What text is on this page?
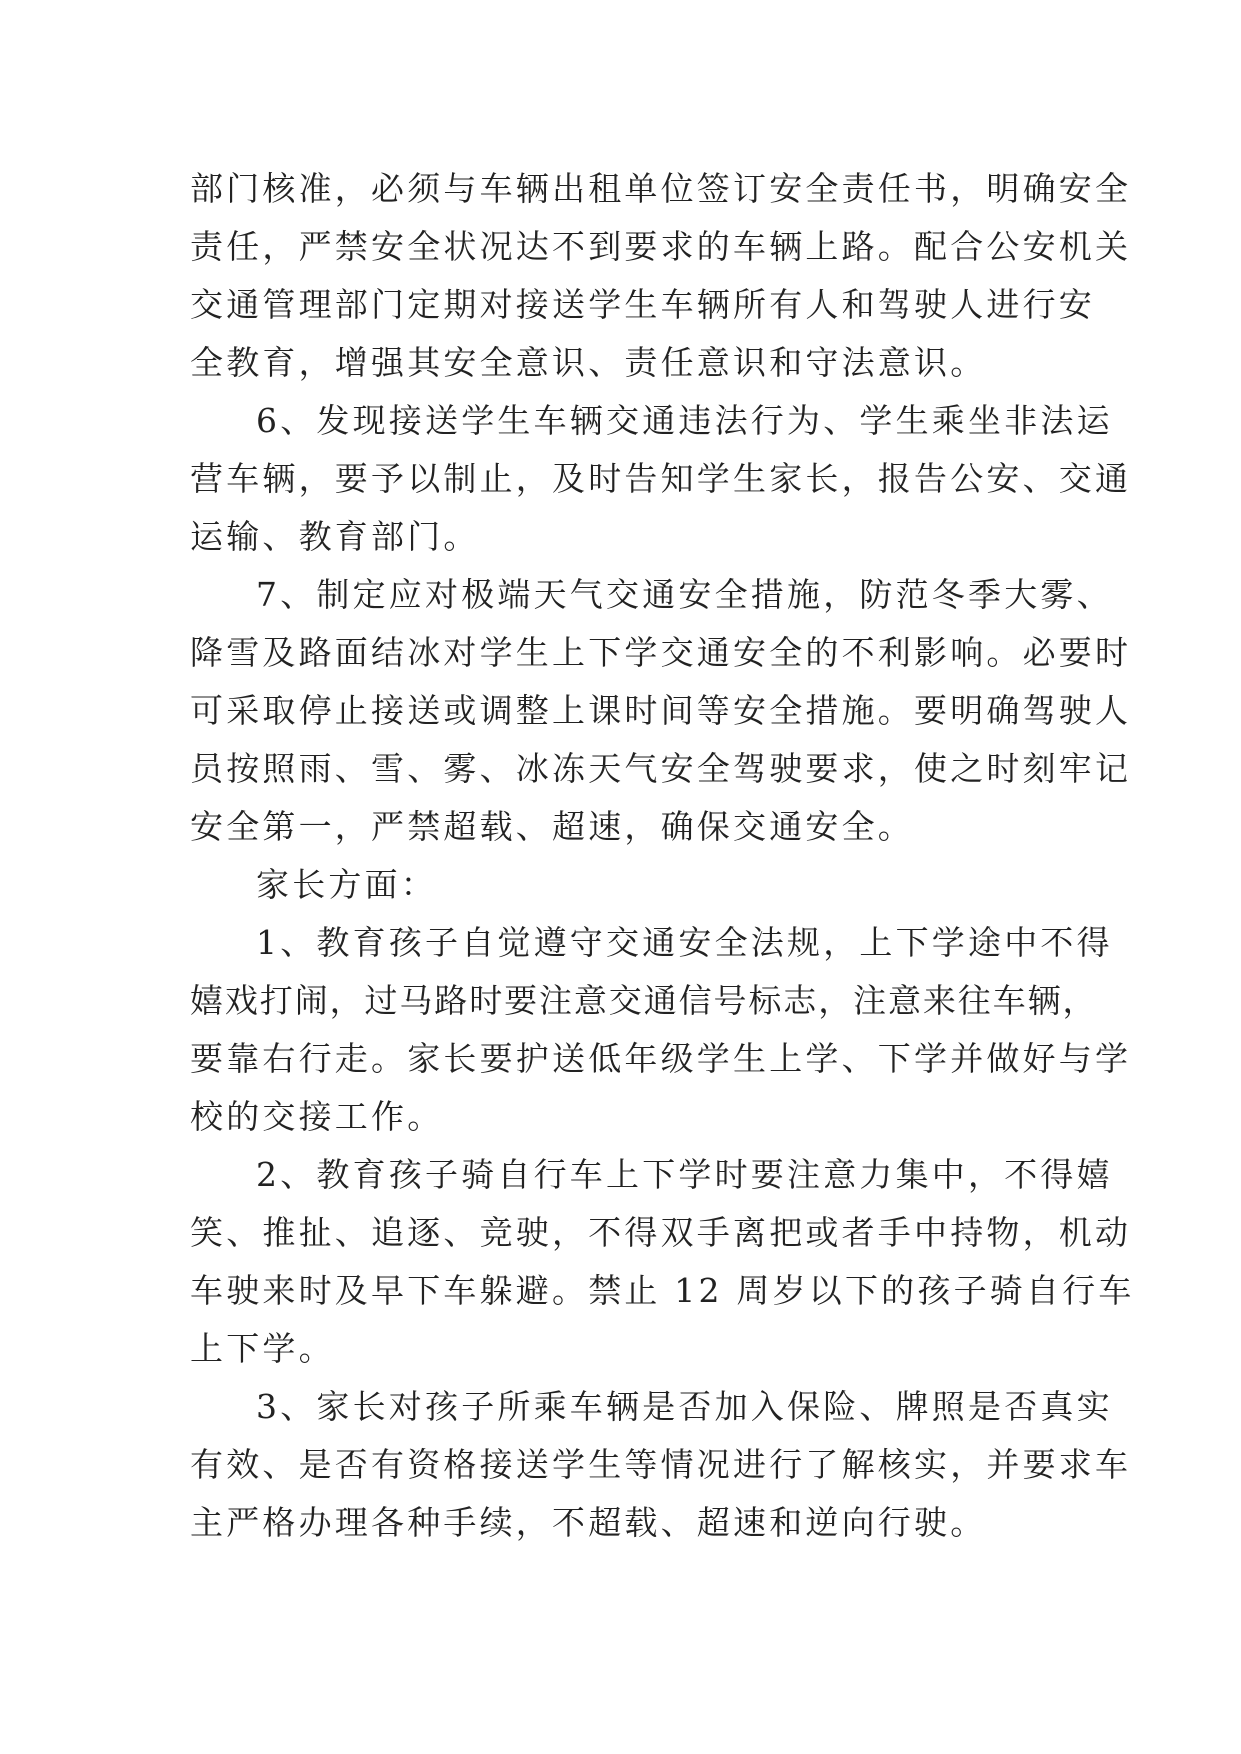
部门核准，必须与车辆出租单位签订安全责任书，明确安全
责任，严禁安全状况达不到要求的车辆上路。配合公安机关
交通管理部门定期对接送学生车辆所有人和驾驶人进行安
全教育，增强其安全意识、责任意识和守法意识。
6、发现接送学生车辆交通违法行为、学生乘坐非法运
营车辆，要予以制止，及时告知学生家长，报告公安、交通
运输、教育部门。
7、制定应对极端天气交通安全措施，防范冬季大雾、
降雪及路面结冰对学生上下学交通安全的不利影响。必要时
可采取停止接送或调整上课时间等安全措施。要明确驾驶人
员按照雨、雪、雾、冰冻天气安全驾驶要求，使之时刻牢记
安全第一，严禁超载、超速，确保交通安全。
家长方面：
1、教育孩子自觉遵守交通安全法规，上下学途中不得
嬉戏打闹，过马路时要注意交通信号标志，注意来往车辆，
要靠右行走。家长要护送低年级学生上学、下学并做好与学
校的交接工作。
2、教育孩子骑自行车上下学时要注意力集中，不得嬉
笑、推扯、追逐、竞驶，不得双手离把或者手中持物，机动
车驶来时及早下车躲避。禁止 12 周岁以下的孩子骑自行车
上下学。
3、家长对孩子所乘车辆是否加入保险、牌照是否真实
有效、是否有资格接送学生等情况进行了解核实，并要求车
主严格办理各种手续，不超载、超速和逆向行驶。
